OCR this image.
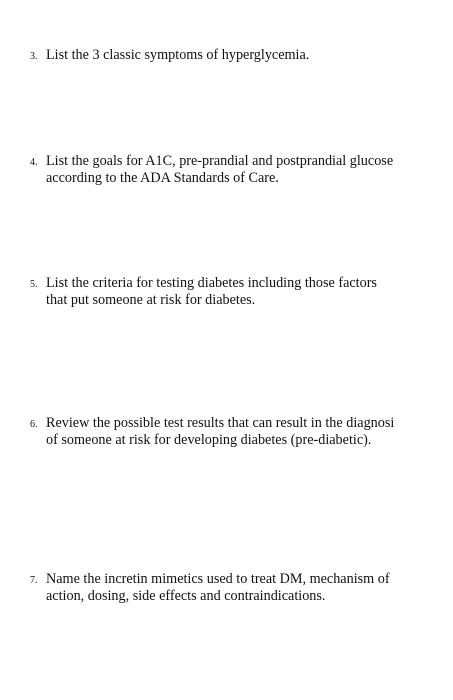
3. List the 3 classic symptoms of hyperglycemia.
4. List the goals for A1C, pre-prandial and postprandial glucose
according to the ADA Standards of Care.
5. List the criteria for testing diabetes including those factors
that put someone at risk for diabetes.
6. Review the possible test results that can result in the diagnosi
of someone at risk for developing diabetes (pre-diabetic).
7. Name the incretin mimetics used to treat DM, mechanism of
action, dosing, side effects and contraindications.
